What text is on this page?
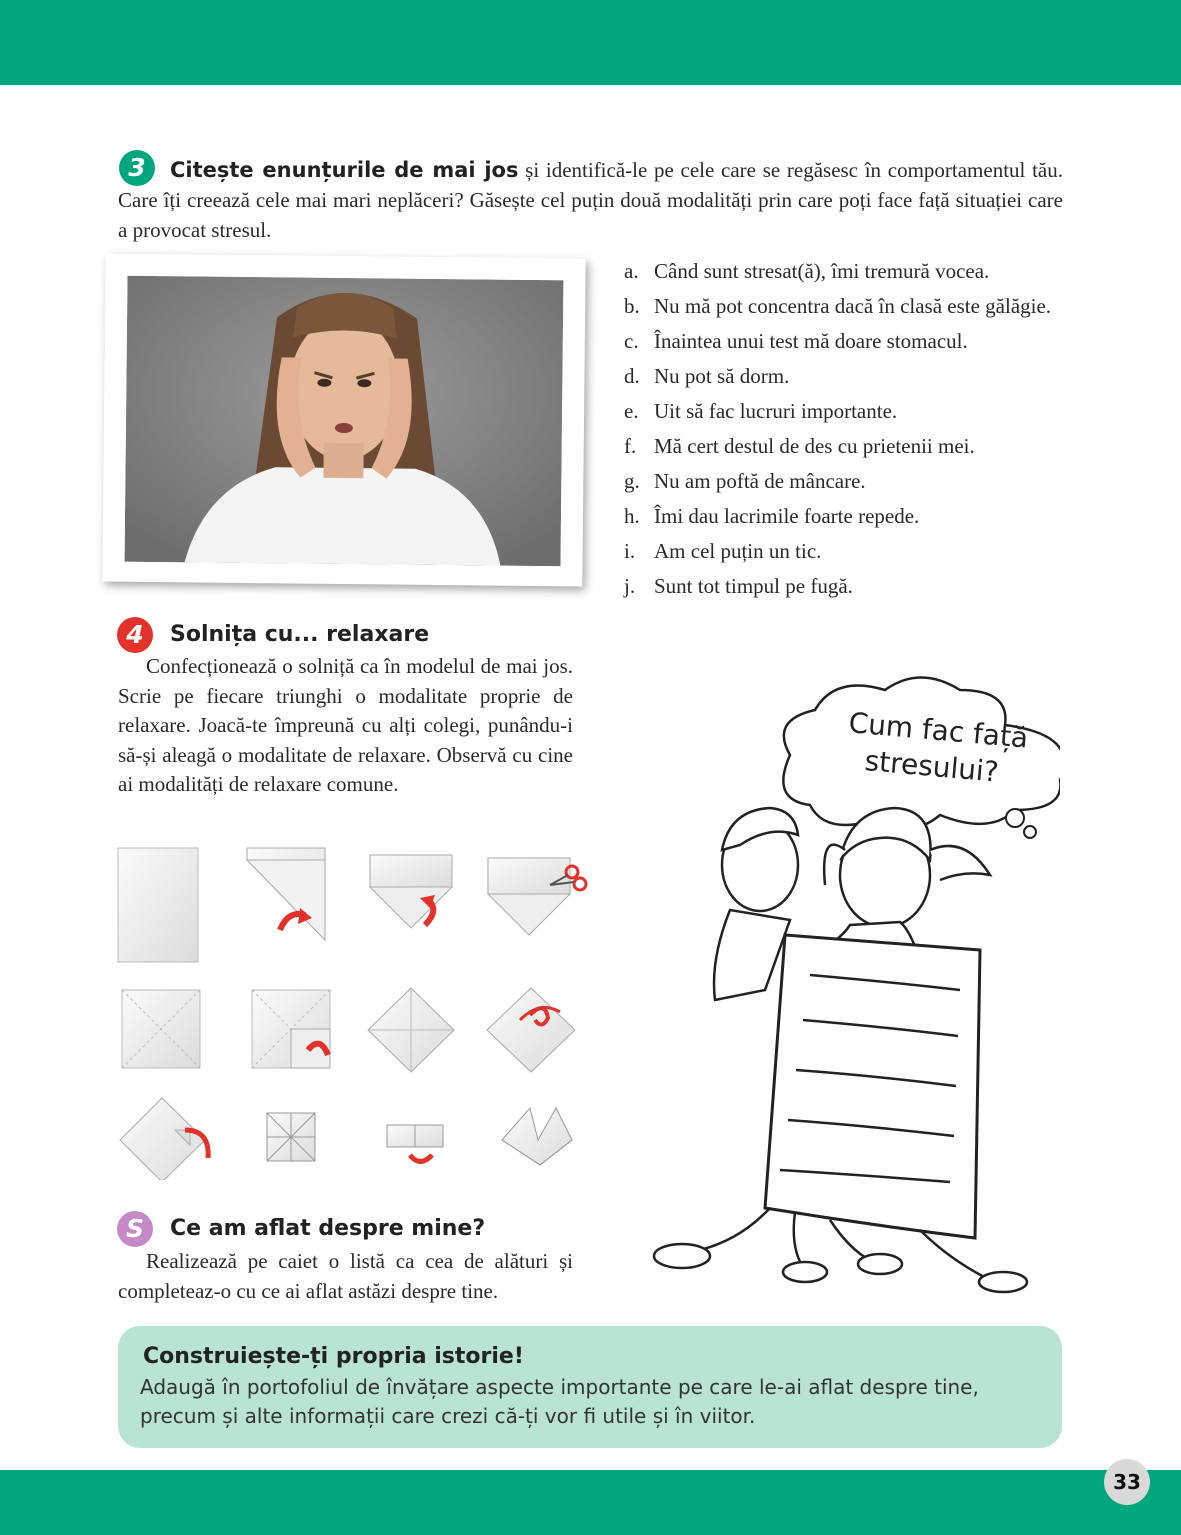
3	Citește enunțurile de mai jos și identifică-le pe cele care se regăsesc în comportamentul tău. Care îți creează cele mai mari neplăceri? Găsește cel puțin două modalități prin care poți face față situației care a provocat stresul.
a. Când sunt stresat(ă), îmi tremură vocea.
b. Nu mă pot concentra dacă în clasă este gălăgie.
c. Înaintea unui test mă doare stomacul.
d. Nu pot să dorm.
e. Uit să fac lucruri importante.
f. Mă cert destul de des cu prietenii mei.
g. Nu am poftă de mâncare.
h. Îmi dau lacrimile foarte repede.
i. Am cel puțin un tic.
j. Sunt tot timpul pe fugă.
4	Solnița cu... relaxare
Confecționează o solniță ca în modelul de mai jos. Scrie pe fiecare triunghi o modalitate proprie de relaxare. Joacă-te împreună cu alți colegi, punându-i să-și aleagă o modalitate de relaxare. Observă cu cine ai modalități de relaxare comune.
S	Ce am aflat despre mine?
Realizează pe caiet o listă ca cea de alături și completeaz-o cu ce ai aflat astăzi despre tine.
Cum fac față
stresului?
Construiește-ți propria istorie!
Adaugă în portofoliul de învățare aspecte importante pe care le-ai aflat despre tine, precum și alte informații care crezi că-ți vor fi utile și în viitor.
33
